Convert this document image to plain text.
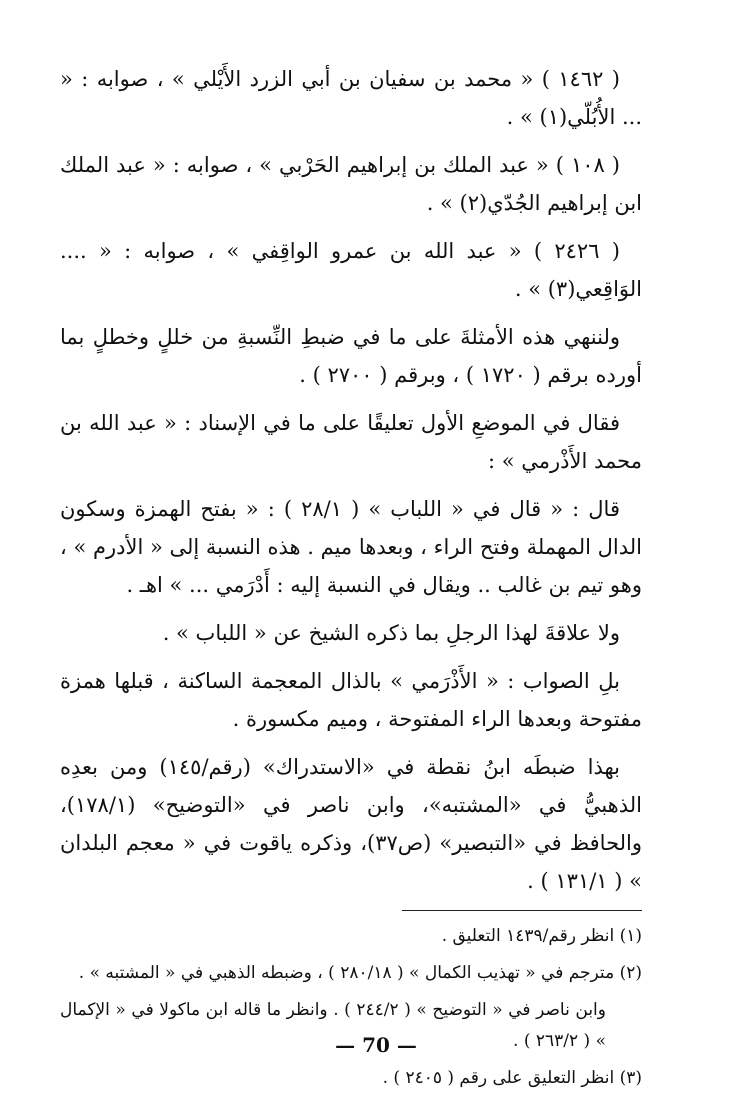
( ١٤٦٢ ) « محمد بن سفيان بن أبي الزرد الأَيْلي » ، صوابه : « ... الأُبُلّي(١) » .

( ١٠٨ ) « عبد الملك بن إبراهيم الحَرْبي » ، صوابه : « عبد الملك ابن إبراهيم الجُدّي(٢) » .

( ٢٤٢٦ ) « عبد الله بن عمرو الواقِفي » ، صوابه : « .... الوَاقِعي(٣) » .

ولننهي هذه الأمثلةَ على ما في ضبطِ النِّسبةِ من خللٍ وخطلٍ بما أورده برقم ( ١٧٢٠ ) ، وبرقم ( ٢٧٠٠ ) .

فقال في الموضعِ الأول تعليقًا على ما في الإسناد : « عبد الله بن محمد الأَذْرمي » :

قال : « قال في « اللباب » ( ٢٨/١ ) : « بفتح الهمزة وسكون الدال المهملة وفتح الراء ، وبعدها ميم . هذه النسبة إلى « الأدرم » ، وهو تيم بن غالب .. ويقال في النسبة إليه : أَدْرَمي ... » اهـ .

ولا علاقةَ لهذا الرجلِ بما ذكره الشيخ عن « اللباب » .

بلِ الصواب : « الأَذْرَمي » بالذال المعجمة الساكنة ، قبلها همزة مفتوحة وبعدها الراء المفتوحة ، وميم مكسورة .

بهذا ضبطَه ابنُ نقطة في «الاستدراك» (رقم/١٤٥) ومن بعدِه الذهبيُّ في «المشتبه»، وابن ناصر في «التوضيح» (١٧٨/١)، والحافظ في «التبصير» (ص٣٧)، وذكره ياقوت في « معجم البلدان » ( ١٣١/١ ) .

(١) انظر رقم/١٤٣٩ التعليق .

(٢) مترجم في « تهذيب الكمال » ( ٢٨٠/١٨ ) ، وضبطه الذهبي في « المشتبه » .

وابن ناصر في « التوضيح » ( ٢٤٤/٢ ) . وانظر ما قاله ابن ماكولا في « الإكمال » ( ٢٦٣/٢ ) .

(٣) انظر التعليق على رقم ( ٢٤٠٥ ) .

— 70 —
